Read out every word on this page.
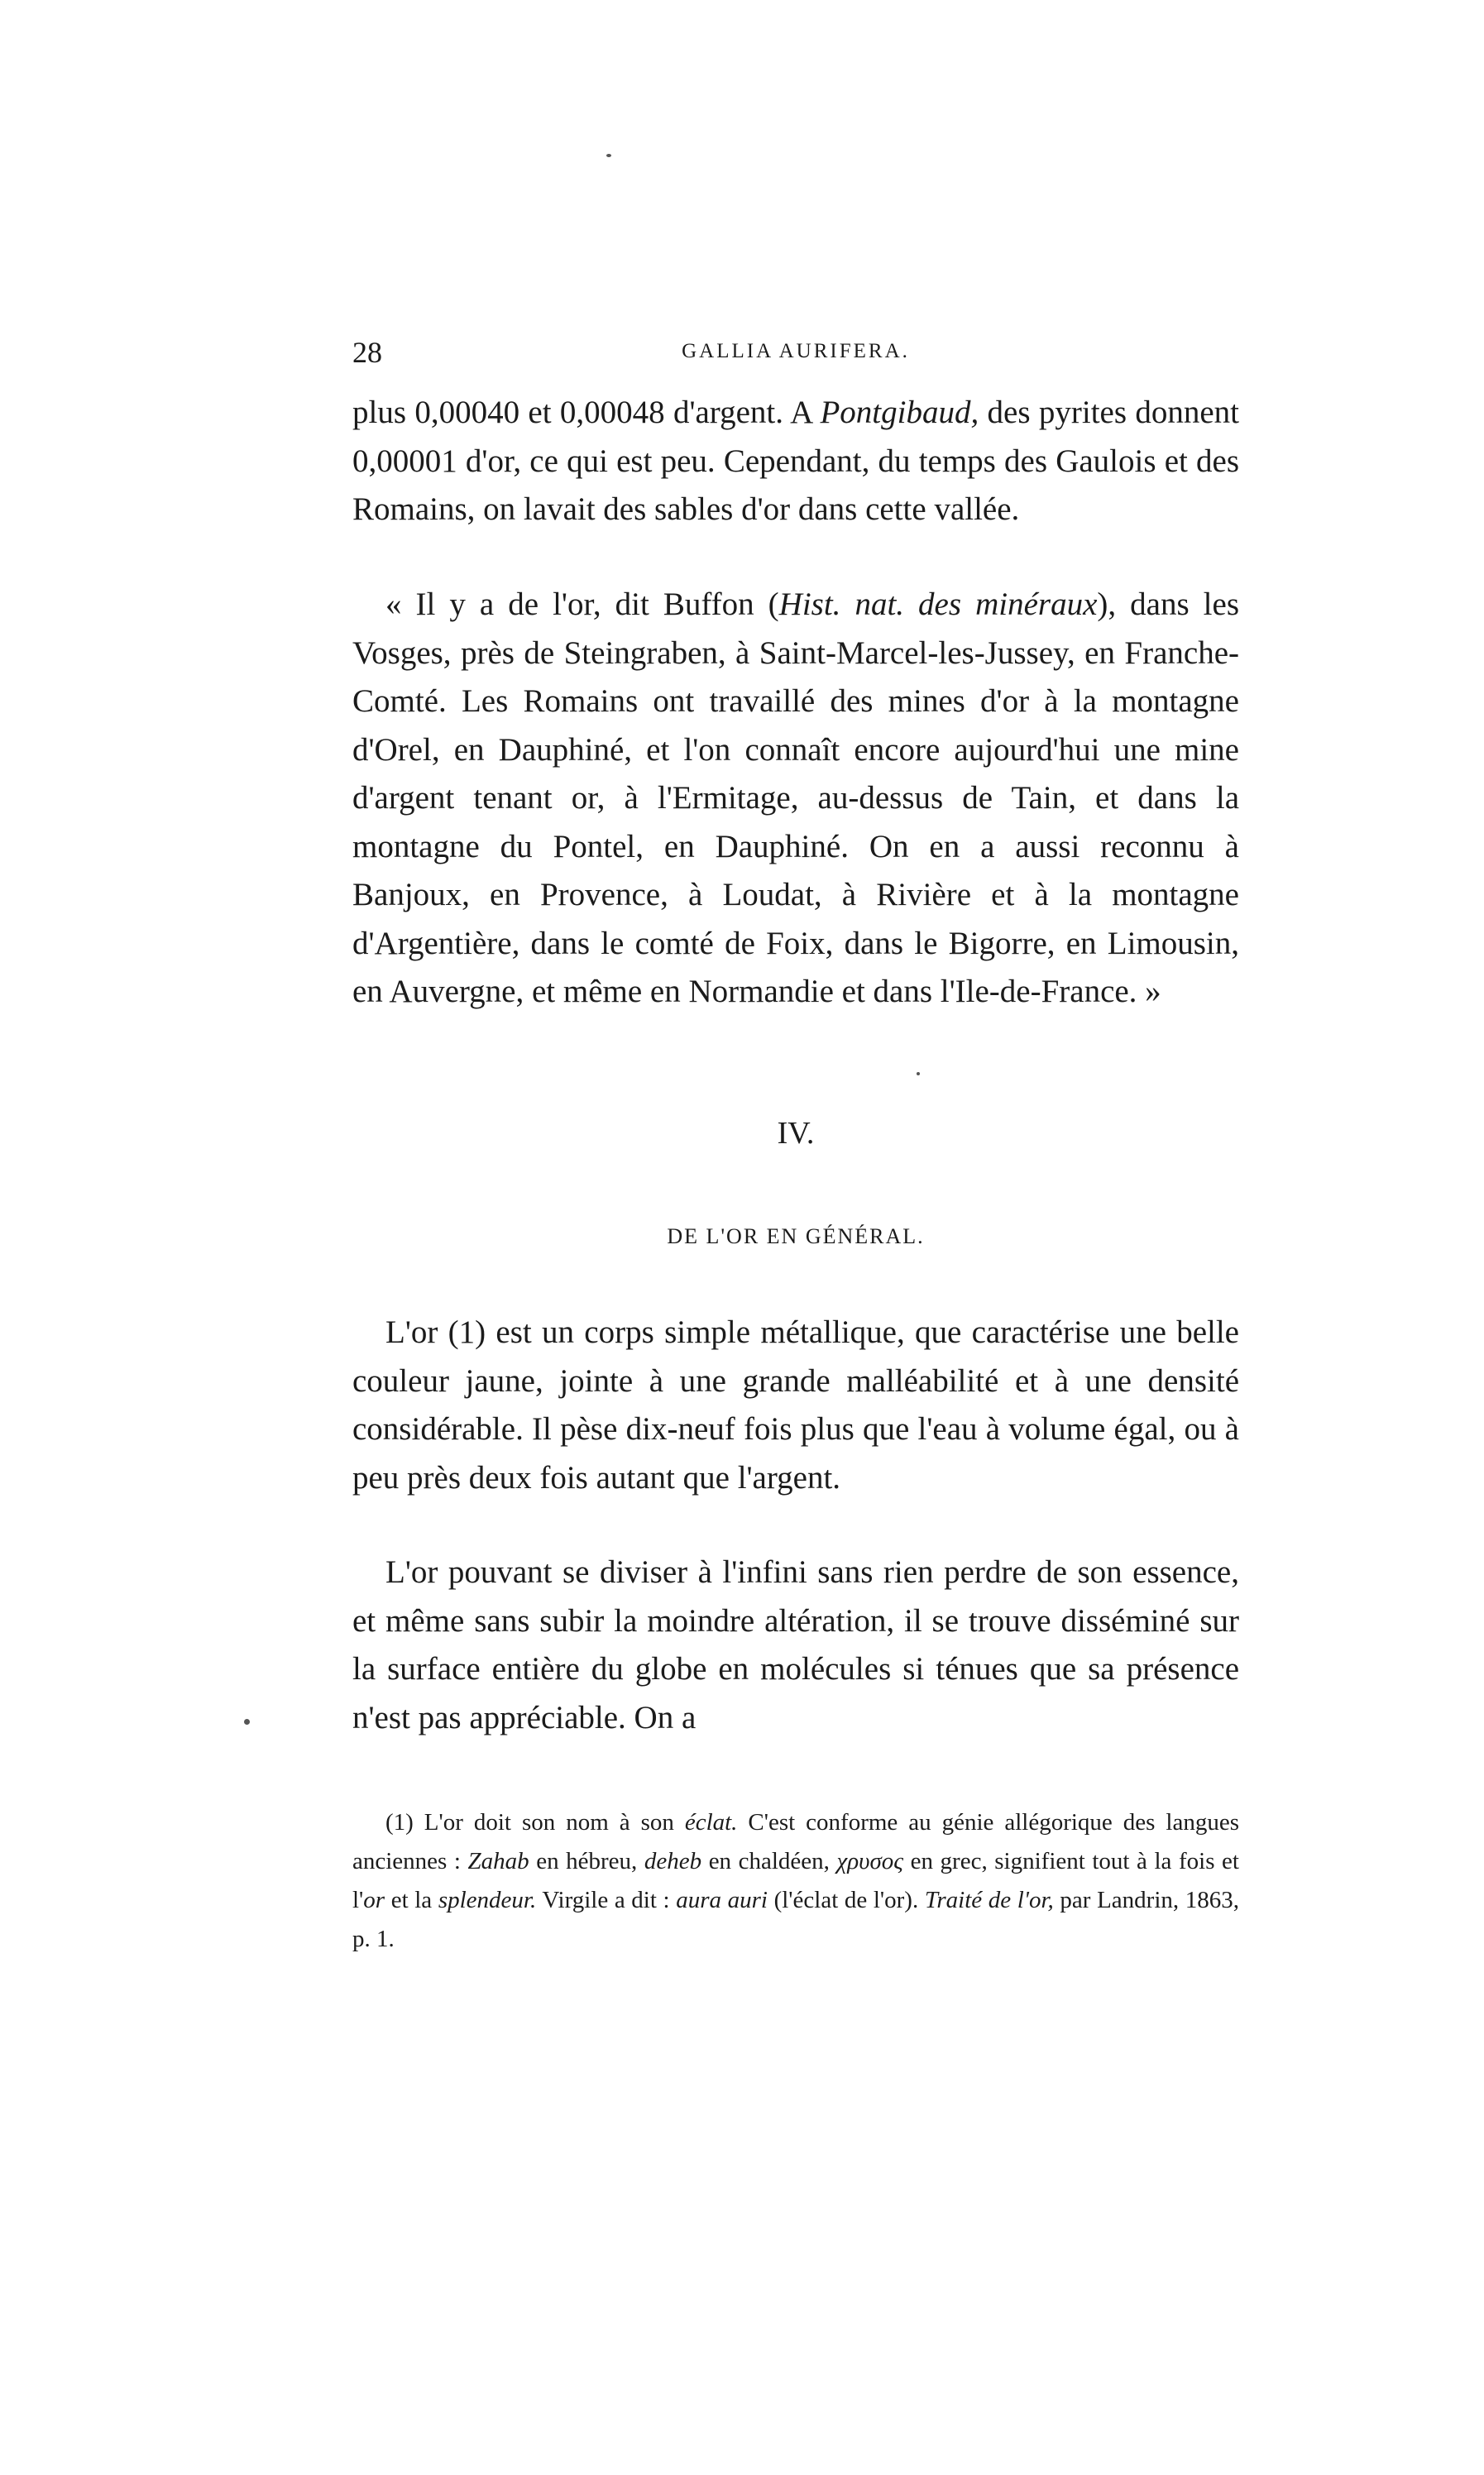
28	GALLIA AURIFERA.

plus 0,00040 et 0,00048 d'argent. A Pontgibaud, des pyrites donnent 0,00001 d'or, ce qui est peu. Cependant, du temps des Gaulois et des Romains, on lavait des sables d'or dans cette vallée.

« Il y a de l'or, dit Buffon (Hist. nat. des minéraux), dans les Vosges, près de Steingraben, à Saint-Marcel-les-Jussey, en Franche-Comté. Les Romains ont travaillé des mines d'or à la montagne d'Orel, en Dauphiné, et l'on connaît encore aujourd'hui une mine d'argent tenant or, à l'Ermitage, au-dessus de Tain, et dans la montagne du Pontel, en Dauphiné. On en a aussi reconnu à Banjoux, en Provence, à Loudat, à Rivière et à la montagne d'Argentière, dans le comté de Foix, dans le Bigorre, en Limousin, en Auvergne, et même en Normandie et dans l'Ile-de-France. »

IV.
DE L'OR EN GÉNÉRAL.

L'or (1) est un corps simple métallique, que caractérise une belle couleur jaune, jointe à une grande malléabilité et à une densité considérable. Il pèse dix-neuf fois plus que l'eau à volume égal, ou à peu près deux fois autant que l'argent.

L'or pouvant se diviser à l'infini sans rien perdre de son essence, et même sans subir la moindre altération, il se trouve disséminé sur la surface entière du globe en molécules si ténues que sa présence n'est pas appréciable. On a

(1) L'or doit son nom à son éclat. C'est conforme au génie allégorique des langues anciennes : Zahab en hébreu, deheb en chaldéen, χρυσος en grec, signifient tout à la fois et l'or et la splendeur. Virgile a dit : aura auri (l'éclat de l'or). Traité de l'or, par Landrin, 1863, p. 1.
